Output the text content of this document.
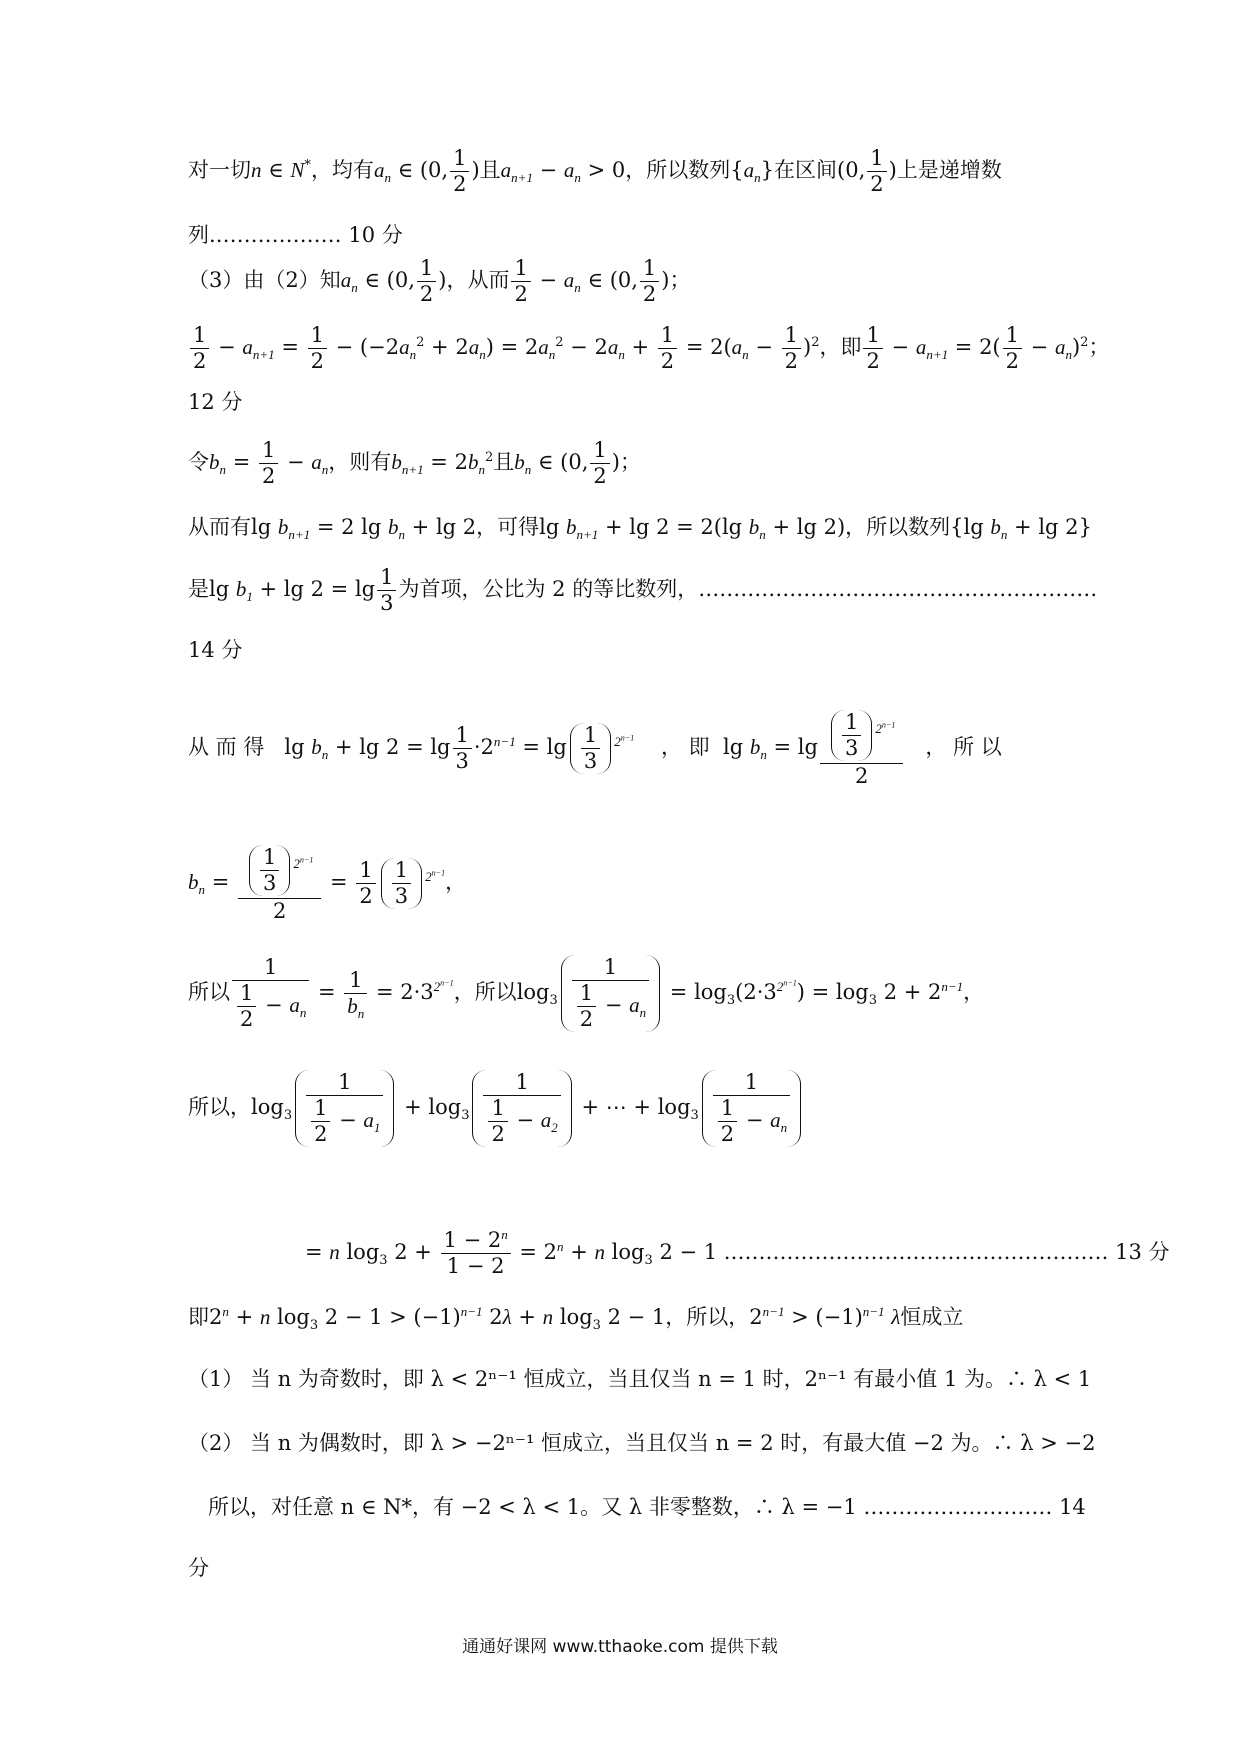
对一切n ∈ N*，均有$a_n$ ∈ (0, $\frac{1}{2}$ )且$a_{n+1} - a_n > 0$，所以数列$\{a_n\}$在区间(0, $\frac{1}{2}$ )上是递增数
列.……………… 10 分
（3）由（2）知$a_n$ ∈ (0, $\frac{1}{2}$ )，从而 $\frac{1}{2} - a_n$ ∈ (0, $\frac{1}{2}$ )；
$\frac{1}{2} - a_{n+1} = \frac{1}{2} - (-2a_n^2 + 2a_n) = 2a_n^2 - 2a_n + \frac{1}{2} = 2(a_n - \frac{1}{2} )^2$，即 $\frac{1}{2} - a_{n+1} = 2( \frac{1}{2} - a_n)^2$；
12 分
令$b_n = \frac{1}{2} - a_n$，则有$b_{n+1} = 2b_n^2$且$b_n$ ∈ (0, $\frac{1}{2}$ )；
从而有$\lg b_{n+1} = 2$ $\lg b_n + \lg 2$，可得$\lg b_{n+1} + \lg 2 = 2(\lg$ $b_n + \lg 2$)，所以数列{lg $b_n + \lg 2$}
是$\lg b_1 + \lg 2 = \lg \frac{1}{3}$ 为首项，公比为 2 的等比数列，…………………………………………………
14 分
从 而 得   $\lg b_n + \lg 2 = \lg \frac{1}{3} \cdot 2^{n-1} = \lg \frac{1}{3} ^{2^{n-1}}$ ， 即  $\lg b_n = \lg \frac{\frac{1}{3} ^{2^{n-1}}}{2}$ ， 所 以
$b_n = \frac{\frac{1}{3} ^{2^{n-1}}}{2} = \frac{1}{2} \frac{1}{3} ^{2^{n-1}}$，
所以 $\frac{1}{\frac{1}{2} - a_n} = \frac{1}{b_n} = 2\cdot 3^{2^{n-1}}$，所以$\log_3 \frac{1}{\frac{1}{2} - a_n} = \log_3(2\cdot 3^{2^{n-1}}) = \log_3 2 + 2^{n-1}$，
所以，$\log_3 \frac{1}{\frac{1}{2} - a_1} + \log_3 \frac{1}{\frac{1}{2} - a_2}$ + ⋯ + $\log_3 \frac{1}{\frac{1}{2} - a_n}$
= n $\log_3 2 + \frac{1 - 2^n}{1 - 2} = 2^n + n$ $\log_3 2 - 1$ .……………………………………………… 13 分
即$2^n + n$ $\log_3 2 - 1 > (-1)^{n-1}$ 2λ + n $\log_3 2 - 1$，所以，$2^{n-1} > (-1)^{n-1}$ λ恒成立
（1） 当 n 为奇数时，即 λ < 2ⁿ⁻¹ 恒成立，当且仅当 n = 1 时，2ⁿ⁻¹ 有最小值 1 为。∴ λ < 1
（2） 当 n 为偶数时，即 λ > −2ⁿ⁻¹ 恒成立，当且仅当 n = 2 时，有最大值 −2 为。∴ λ > −2
所以，对任意 n ∈ N*，有 −2 < λ < 1。又 λ 非零整数，∴ λ = −1 ……………………… 14
分
通通好课网 www.tthaoke.com 提供下载
